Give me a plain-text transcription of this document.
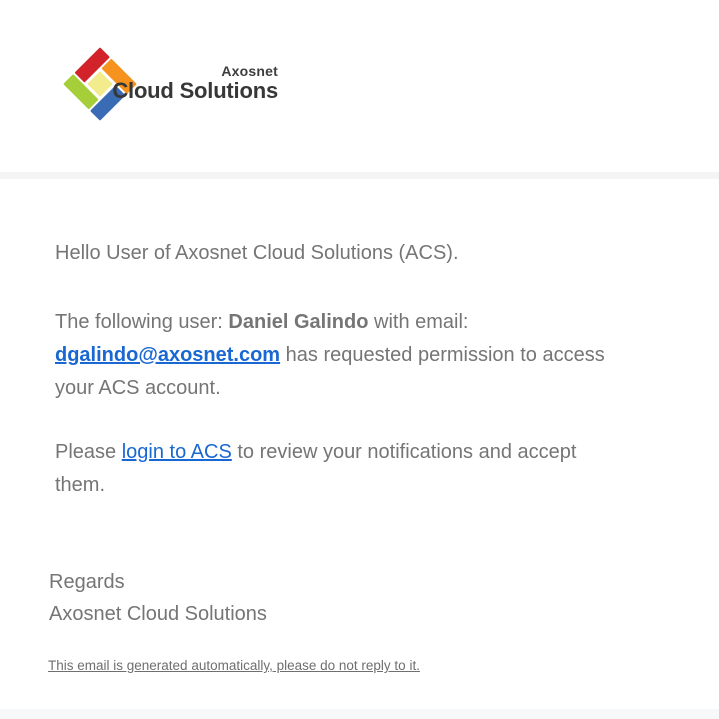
Axosnet
Cloud Solutions
Hello User of Axosnet Cloud Solutions (ACS).
The following user: Daniel Galindo with email:
dgalindo@axosnet.com has requested permission to access
your ACS account.
Please login to ACS to review your notifications and accept
them.
Regards
Axosnet Cloud Solutions
This email is generated automatically, please do not reply to it.
